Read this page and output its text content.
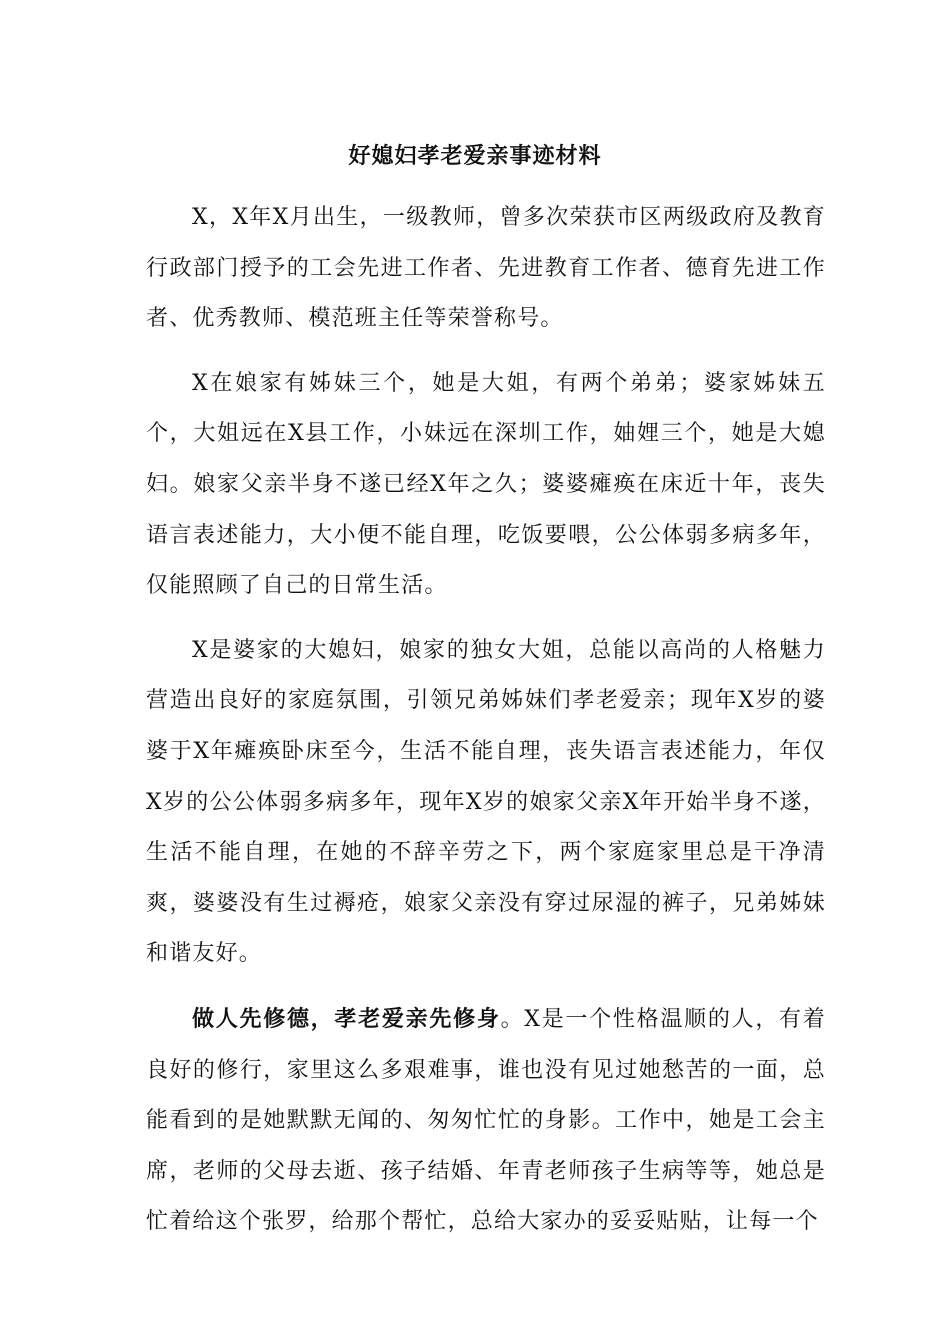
好媳妇孝老爱亲事迹材料

X，X年X月出生，一级教师，曾多次荣获市区两级政府及教育行政部门授予的工会先进工作者、先进教育工作者、德育先进工作者、优秀教师、模范班主任等荣誉称号。

X在娘家有姊妹三个，她是大姐，有两个弟弟；婆家姊妹五个，大姐远在X县工作，小妹远在深圳工作，妯娌三个，她是大媳妇。娘家父亲半身不遂已经X年之久；婆婆瘫痪在床近十年，丧失语言表述能力，大小便不能自理，吃饭要喂，公公体弱多病多年，仅能照顾了自己的日常生活。

X是婆家的大媳妇，娘家的独女大姐，总能以高尚的人格魅力营造出良好的家庭氛围，引领兄弟姊妹们孝老爱亲；现年X岁的婆婆于X年瘫痪卧床至今，生活不能自理，丧失语言表述能力，年仅X岁的公公体弱多病多年，现年X岁的娘家父亲X年开始半身不遂，生活不能自理，在她的不辞辛劳之下，两个家庭家里总是干净清爽，婆婆没有生过褥疮，娘家父亲没有穿过尿湿的裤子，兄弟姊妹和谐友好。

做人先修德，孝老爱亲先修身。X是一个性格温顺的人，有着良好的修行，家里这么多艰难事，谁也没有见过她愁苦的一面，总能看到的是她默默无闻的、匆匆忙忙的身影。工作中，她是工会主席，老师的父母去逝、孩子结婚、年青老师孩子生病等等，她总是忙着给这个张罗，给那个帮忙，总给大家办的妥妥贴贴，让每一个
